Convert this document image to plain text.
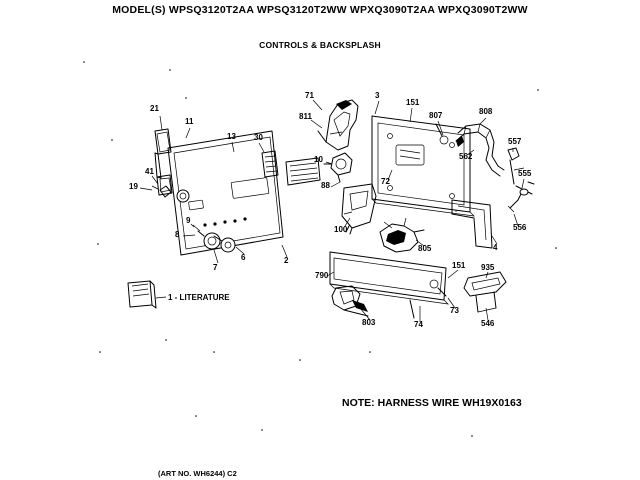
MODEL(S) WPSQ3120T2AA WPSQ3120T2WW WPXQ3090T2AA WPXQ3090T2WW
CONTROLS & BACKSPLASH
21
11
13 30
19
41
9
8
7
6	2
71
811
3
151
10
88	72
807	808
562
557
555
556
100
805	4
790
803	74
73
151 935
546
1 - LITERATURE
NOTE: HARNESS WIRE WH19X0163
(ART NO. WH6244) C2
